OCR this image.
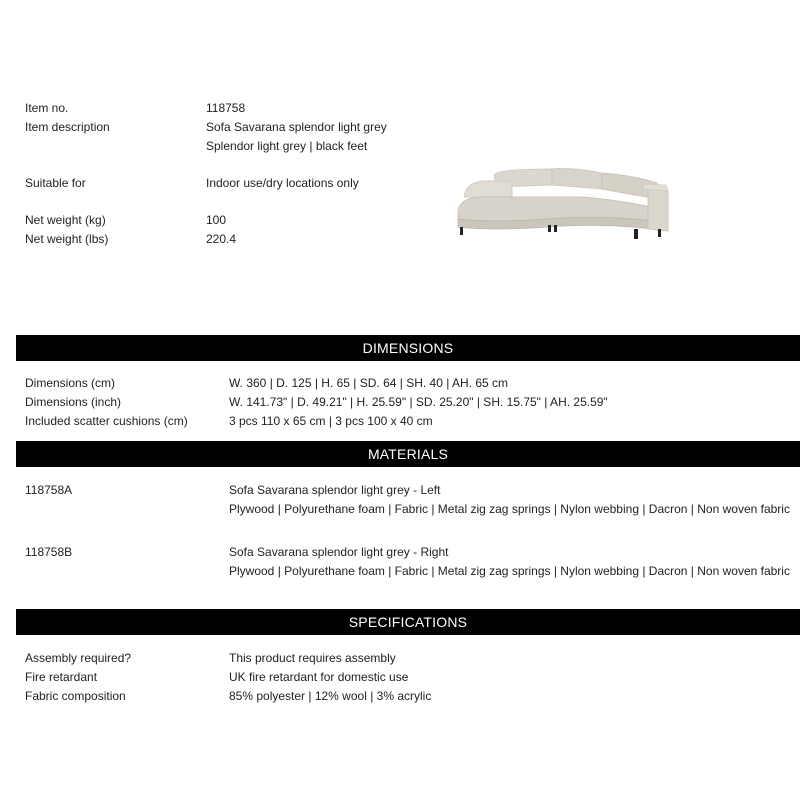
Item no.	118758
Item description	Sofa Savarana splendor light grey
Splendor light grey | black feet
Suitable for	Indoor use/dry locations only
Net weight (kg)	100
Net weight (lbs)	220.4
DIMENSIONS
Dimensions (cm)	W. 360 | D. 125 | H. 65 | SD. 64 | SH. 40 | AH. 65 cm
Dimensions (inch)	W. 141.73" | D. 49.21" | H. 25.59" | SD. 25.20" | SH. 15.75" | AH. 25.59"
Included scatter cushions (cm)	3 pcs 110 x 65 cm | 3 pcs 100 x 40 cm
MATERIALS
118758A	Sofa Savarana splendor light grey - Left
Plywood | Polyurethane foam | Fabric | Metal zig zag springs | Nylon webbing | Dacron | Non woven fabric
118758B	Sofa Savarana splendor light grey - Right
Plywood | Polyurethane foam | Fabric | Metal zig zag springs | Nylon webbing | Dacron | Non woven fabric
SPECIFICATIONS
Assembly required?	This product requires assembly
Fire retardant	UK fire retardant for domestic use
Fabric composition	85% polyester | 12% wool | 3% acrylic
